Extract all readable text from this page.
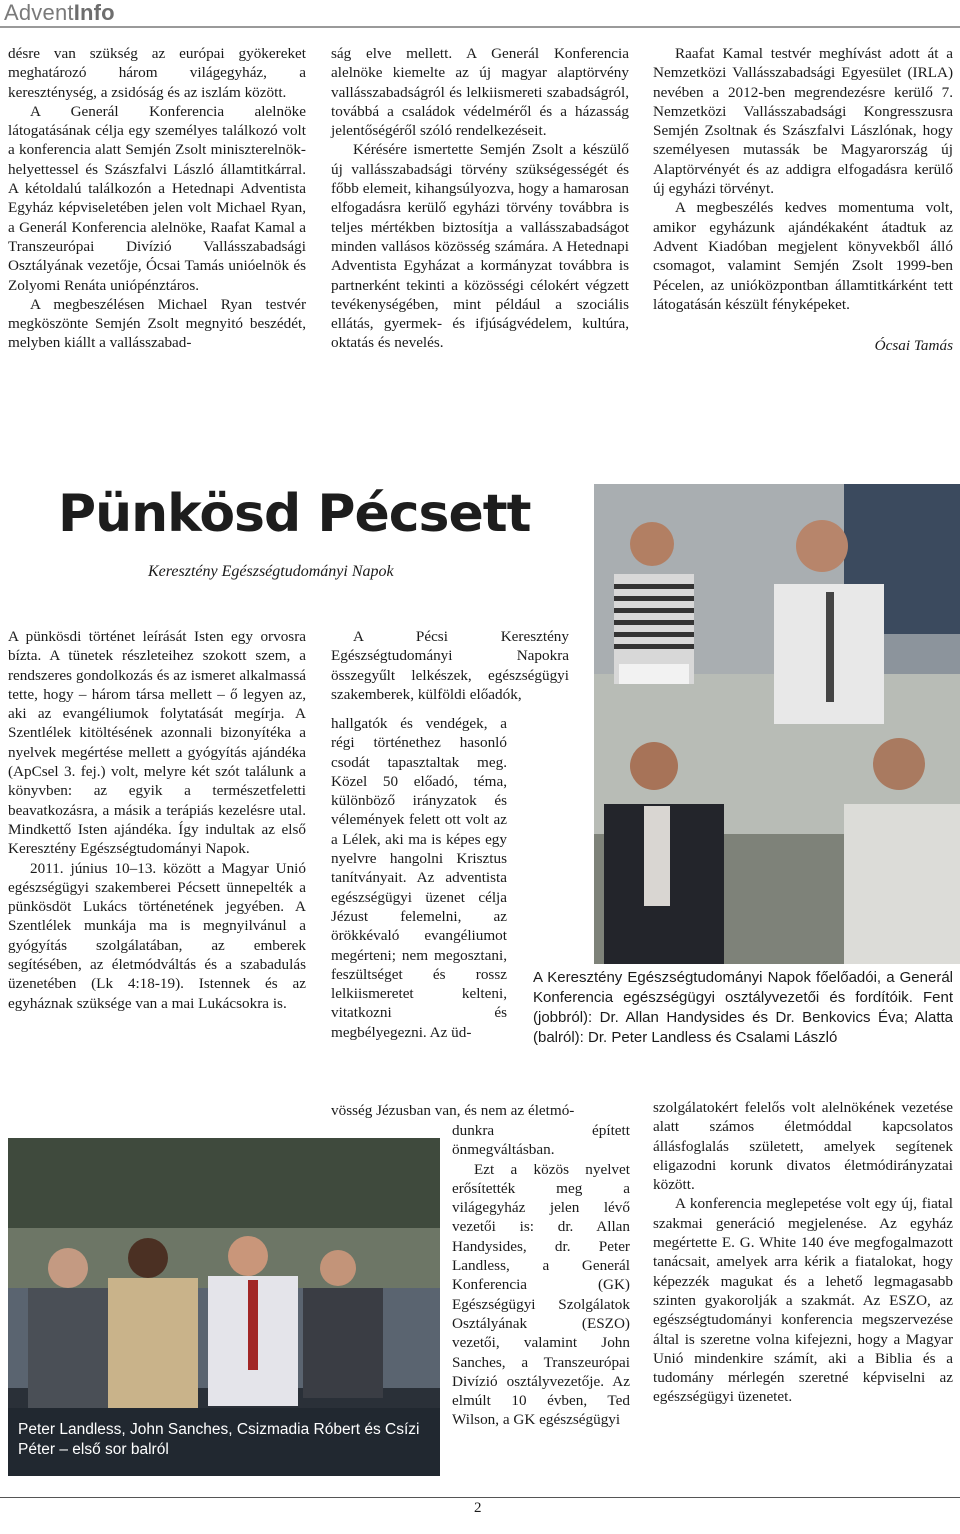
AdventInfo

désre van szükség az európai gyökereket meghatározó három világegyház, a kereszténység, a zsidóság és az iszlám között.

A Generál Konferencia alelnöke látogatásának célja egy személyes találkozó volt a konferencia alatt Semjén Zsolt miniszterelnök-helyettessel és Szászfalvi László államtitkárral. A kétoldalú találkozón a Hetednapi Adventista Egyház képviseletében jelen volt Michael Ryan, a Generál Konferencia alelnöke, Raafat Kamal a Transzeurópai Divízió Vallásszabadsági Osztályának vezetője, Ócsai Tamás unióelnök és Zolyomi Renáta uniópénztáros.

A megbeszélésen Michael Ryan testvér megköszönte Semjén Zsolt megnyitó beszédét, melyben kiállt a vallásszabad-

ság elve mellett. A Generál Konferencia alelnöke kiemelte az új magyar alaptörvény vallásszabadságról és lelkiismereti szabadságról, továbbá a családok védelméről és a házasság jelentőségéről szóló rendelkezéseit.

Kérésére ismertette Semjén Zsolt a készülő új vallásszabadsági törvény szükségességét és főbb elemeit, kihangsúlyozva, hogy a hamarosan elfogadásra kerülő egyházi törvény továbbra is teljes mértékben biztosítja a vallásszabadságot minden vallásos közösség számára. A Hetednapi Adventista Egyházat a kormányzat továbbra is partnerként tekinti a közösségi célokért végzett tevékenységében, mint például a szociális ellátás, gyermek- és ifjúságvédelem, kultúra, oktatás és nevelés.

Raafat Kamal testvér meghívást adott át a Nemzetközi Vallásszabadsági Egyesület (IRLA) nevében a 2012-ben megrendezésre kerülő 7. Nemzetközi Vallásszabadsági Kongresszusra Semjén Zsoltnak és Szászfalvi Lászlónak, hogy személyesen mutassák be Magyarország új Alaptörvényét és az addigra elfogadásra kerülő új egyházi törvényt.

A megbeszélés kedves momentuma volt, amikor egyházunk ajándékaként átadtuk az Advent Kiadóban megjelent könyvekből álló csomagot, valamint Semjén Zsolt 1999-ben Pécelen, az unióközpontban államtitkárként tett látogatásán készült fényképeket.

Ócsai Tamás

Pünkösd Pécsett
Keresztény Egészségtudományi Napok
A Keresztény Egészségtudományi Napok főelőadói, a Generál Konferencia egészségügyi osztályvezetői és fordítóik. Fent (jobbról): Dr. Allan Handysides és Dr. Benkovics Éva; Alatta (balról): Dr. Peter Landless és Csalami László

A pünkösdi történet leírását Isten egy orvosra bízta. A tünetek részleteihez szokott szem, a rendszeres gondolkozás és az ismeret alkalmassá tette, hogy – három társa mellett – ő legyen az, aki az evangéliumok folytatását megírja. A Szentlélek kitöltésének azonnali bizonyítéka a nyelvek megértése mellett a gyógyítás ajándéka (ApCsel 3. fej.) volt, melyre két szót találunk a könyvben: az egyik a természetfeletti beavatkozásra, a másik a terápiás kezelésre utal. Mindkettő Isten ajándéka. Így indultak az első Keresztény Egészségtudományi Napok.

2011. június 10–13. között a Magyar Unió egészségügyi szakemberei Pécsett ünnepelték a pünkösdöt Lukács történetének jegyében. A Szentlélek munkája ma is megnyilvánul a gyógyítás szolgálatában, az emberek segítésében, az életmódváltás és a szabadulás üzenetében (Lk 4:18-19). Istennek és az egyháznak szüksége van a mai Lukácsokra is.

A Pécsi Keresztény Egészségtudományi Napokra összegyűlt lelkészek, egészségügyi szakemberek, külföldi előadók,

hallgatók és vendégek, a régi történethez hasonló csodát tapasztaltak meg. Közel 50 előadó, téma, különböző irányzatok és vélemények felett ott volt az a Lélek, aki ma is képes egy nyelvre hangolni Krisztus tanítványait. Az adventista egészségügyi üzenet célja Jézust felemelni, az örökkévaló evangéliumot megérteni; nem megosztani, feszültséget és rossz lelkiismeretet kelteni, vitatkozni és megbélyegezni. Az üd-

vösség Jézusban van, és nem az életmó-

dunkra épített önmegváltásban.

Ezt a közös nyelvet erősítették meg a világegyház jelen lévő vezetői is: dr. Allan Handysides, dr. Peter Landless, a Generál Konferencia (GK) Egészségügyi Szolgálatok Osztályának (ESZO) vezetői, valamint John Sanches, a Transzeurópai Divízió osztályvezetője. Az elmúlt 10 évben, Ted Wilson, a GK egészségügyi

szolgálatokért felelős volt alelnökének vezetése alatt számos életmóddal kapcsolatos állásfoglalás született, amelyek segítenek eligazodni korunk divatos életmódirányzatai között.

A konferencia meglepetése volt egy új, fiatal szakmai generáció megjelenése. Az egyház megértette E. G. White 140 éve megfogalmazott tanácsait, amelyek arra kérik a fiatalokat, hogy képezzék magukat és a lehető legmagasabb szinten gyakorolják a szakmát. Az ESZO, az egészségtudományi konferencia megszervezése által is szeretne volna kifejezni, hogy a Magyar Unió mindenkire számít, aki a Biblia és a tudomány mérlegén szeretné képviselni az egészségügyi üzenetet.

Peter Landless, John Sanches, Csizmadia Róbert és Csízi Péter – első sor balról
2
